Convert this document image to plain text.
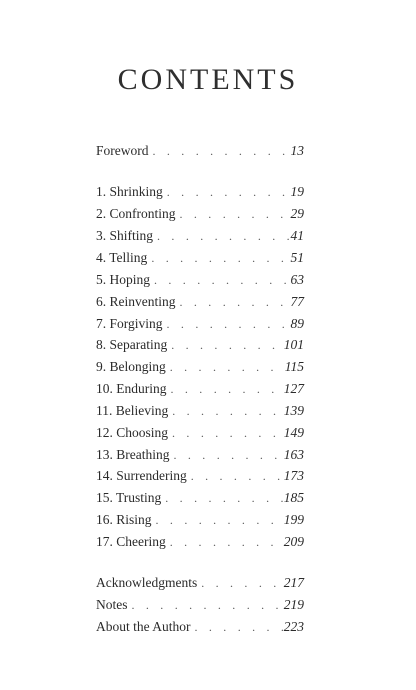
CONTENTS
Foreword . . .	13
1. Shrinking . . .	19
2. Confronting . . .	29
3. Shifting . . .	41
4. Telling . . .	51
5. Hoping . . .	63
6. Reinventing . . .	77
7. Forgiving . . .	89
8. Separating . . .	101
9. Belonging . . .	115
10. Enduring . . .	127
11. Believing . . .	139
12. Choosing . . .	149
13. Breathing . . .	163
14. Surrendering . . .	173
15. Trusting . . .	185
16. Rising . . .	199
17. Cheering . . .	209
Acknowledgments . . .	217
Notes . . .	219
About the Author . . .	223
